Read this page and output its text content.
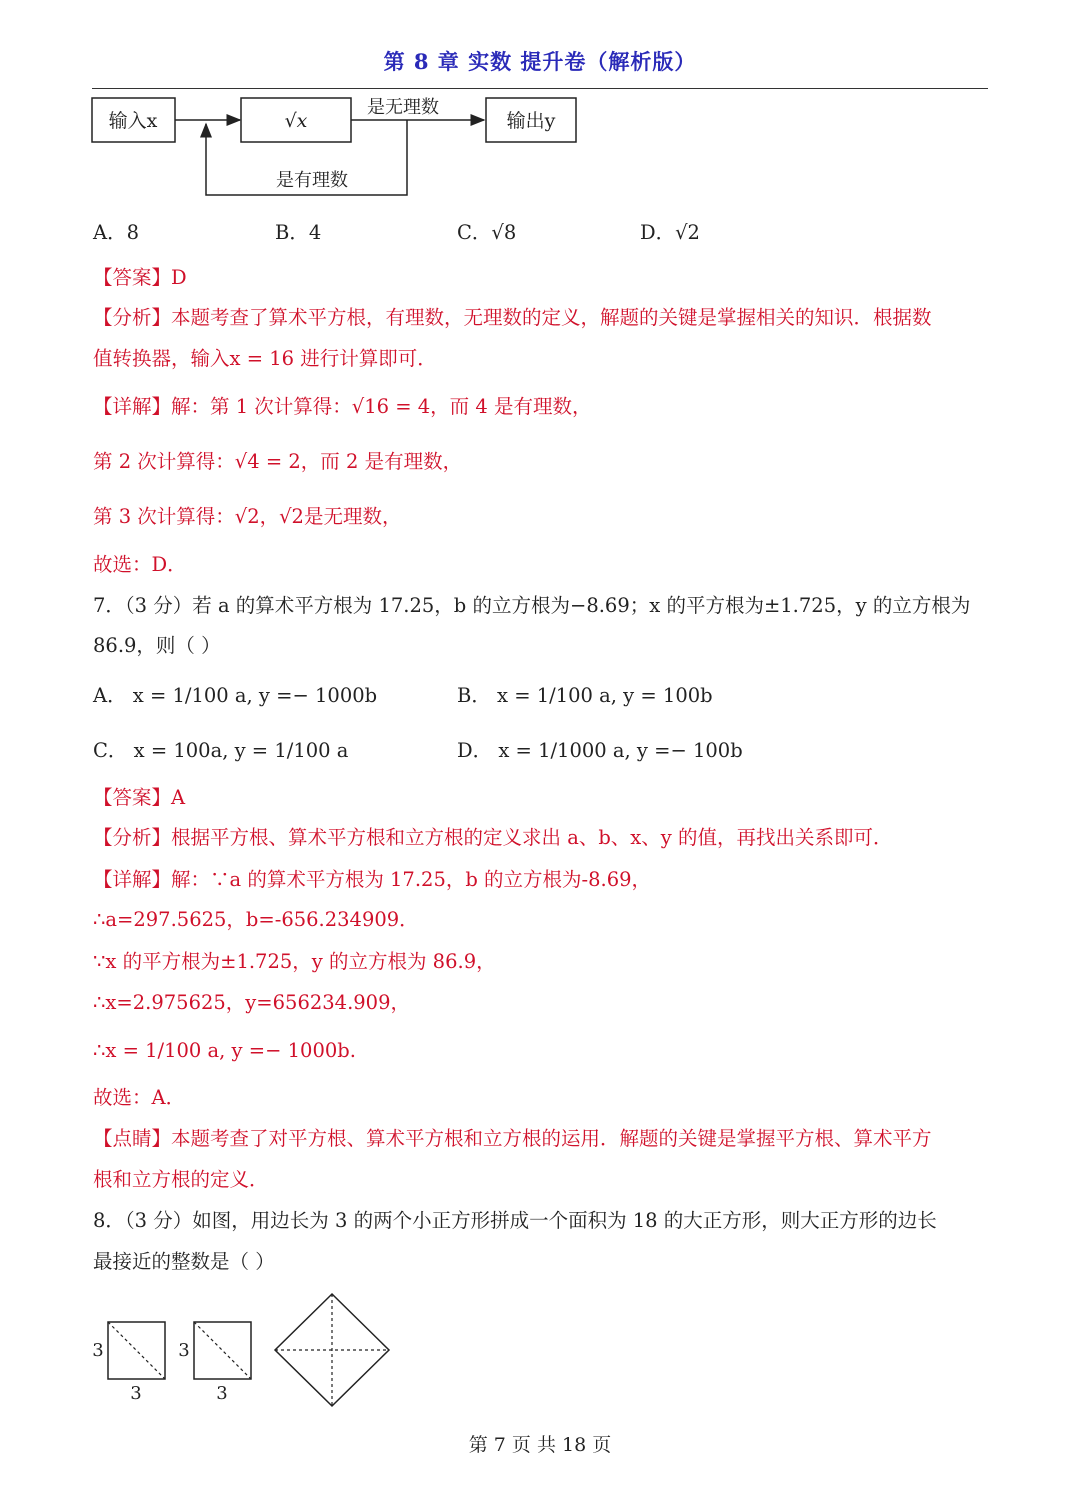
第 8 章 实数 提升卷（解析版）
输入x	√x
是无理数
输出y
是有理数
A．8	B．4	C．√8	D．√2
【答案】D
【分析】本题考查了算术平方根，有理数，无理数的定义，解题的关键是掌握相关的知识．根据数
值转换器，输入x = 16 进行计算即可．
【详解】解：第 1 次计算得：√16 = 4，而 4 是有理数，
第 2 次计算得：√4 = 2，而 2 是有理数，
第 3 次计算得：√2，√2是无理数，
故选：D．
7．（3 分）若 a 的算术平方根为 17.25，b 的立方根为−8.69；x 的平方根为±1.725，y 的立方根为
86.9，则（ ）
A． x = 1/100 a, y =− 1000b	B． x = 1/100 a, y = 100b
C． x = 100a, y = 1/100 a	D． x = 1/1000 a, y =− 100b
【答案】A
【分析】根据平方根、算术平方根和立方根的定义求出 a、b、x、y 的值，再找出关系即可．
【详解】解：∵a 的算术平方根为 17.25，b 的立方根为-8.69，
∴a=297.5625，b=-656.234909．
∵x 的平方根为±1.725，y 的立方根为 86.9，
∴x=2.975625，y=656234.909，
∴x = 1/100 a, y =− 1000b.
故选：A．
【点睛】本题考查了对平方根、算术平方根和立方根的运用．解题的关键是掌握平方根、算术平方
根和立方根的定义．
8．（3 分）如图，用边长为 3 的两个小正方形拼成一个面积为 18 的大正方形，则大正方形的边长
最接近的整数是（ ）
3
3
3
3
第 7 页 共 18 页
